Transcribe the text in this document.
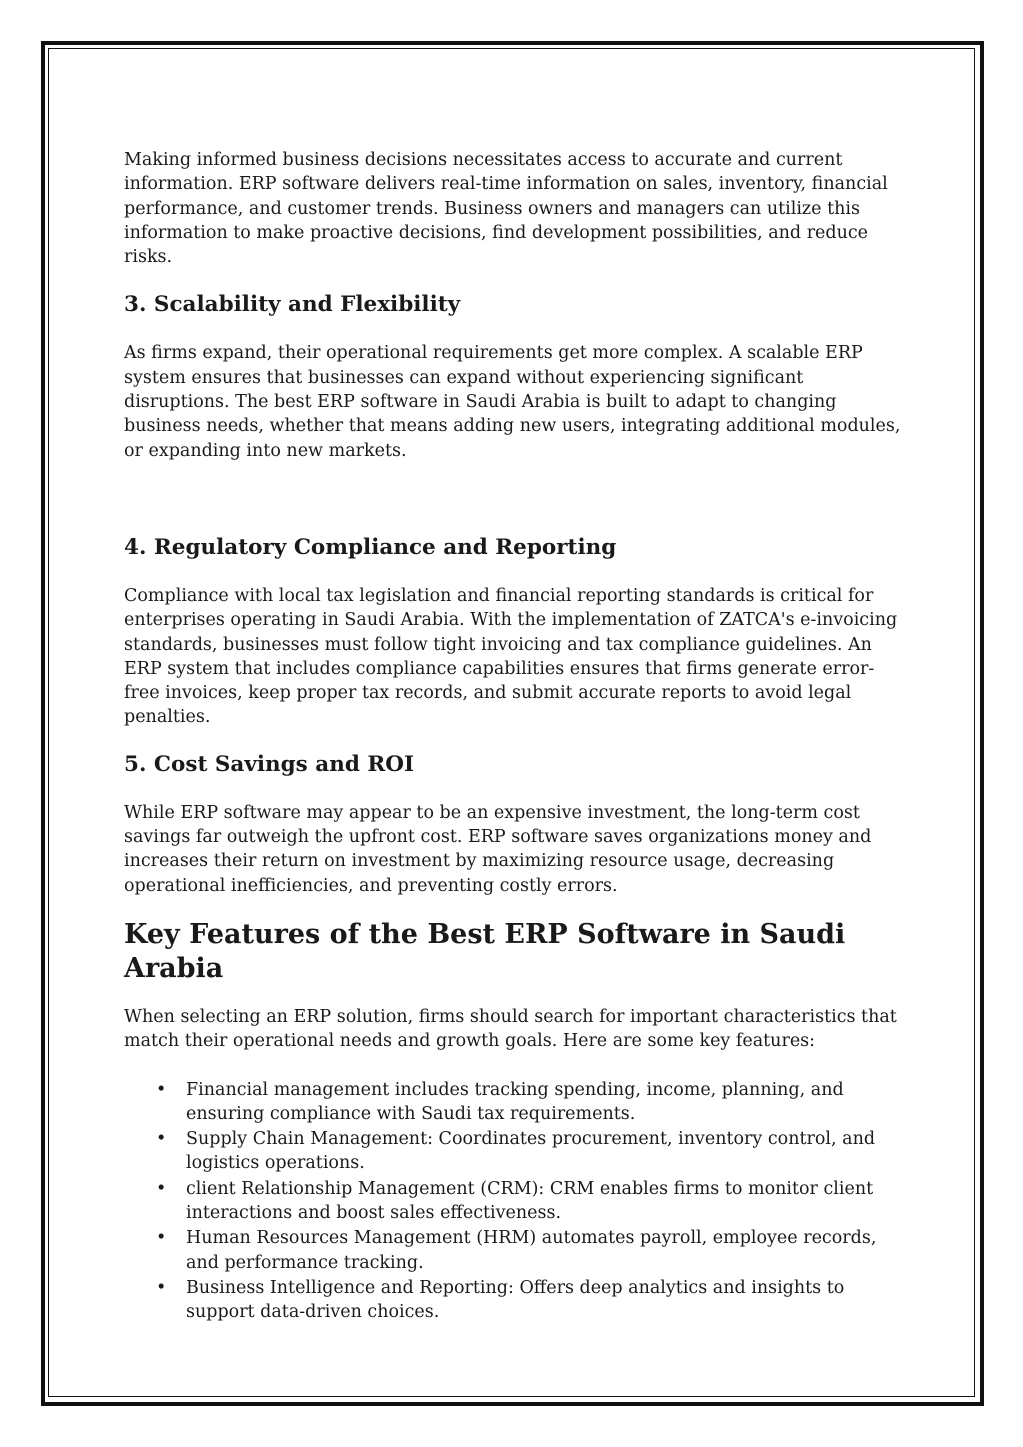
Making informed business decisions necessitates access to accurate and current information. ERP software delivers real-time information on sales, inventory, financial performance, and customer trends. Business owners and managers can utilize this information to make proactive decisions, find development possibilities, and reduce risks.

3. Scalability and Flexibility

As firms expand, their operational requirements get more complex. A scalable ERP system ensures that businesses can expand without experiencing significant disruptions. The best ERP software in Saudi Arabia is built to adapt to changing business needs, whether that means adding new users, integrating additional modules, or expanding into new markets.

4. Regulatory Compliance and Reporting

Compliance with local tax legislation and financial reporting standards is critical for enterprises operating in Saudi Arabia. With the implementation of ZATCA's e-invoicing standards, businesses must follow tight invoicing and tax compliance guidelines. An ERP system that includes compliance capabilities ensures that firms generate error-free invoices, keep proper tax records, and submit accurate reports to avoid legal penalties.

5. Cost Savings and ROI

While ERP software may appear to be an expensive investment, the long-term cost savings far outweigh the upfront cost. ERP software saves organizations money and increases their return on investment by maximizing resource usage, decreasing operational inefficiencies, and preventing costly errors.

Key Features of the Best ERP Software in Saudi Arabia

When selecting an ERP solution, firms should search for important characteristics that match their operational needs and growth goals. Here are some key features:

• Financial management includes tracking spending, income, planning, and ensuring compliance with Saudi tax requirements.
• Supply Chain Management: Coordinates procurement, inventory control, and logistics operations.
• client Relationship Management (CRM): CRM enables firms to monitor client interactions and boost sales effectiveness.
• Human Resources Management (HRM) automates payroll, employee records, and performance tracking.
• Business Intelligence and Reporting: Offers deep analytics and insights to support data-driven choices.
